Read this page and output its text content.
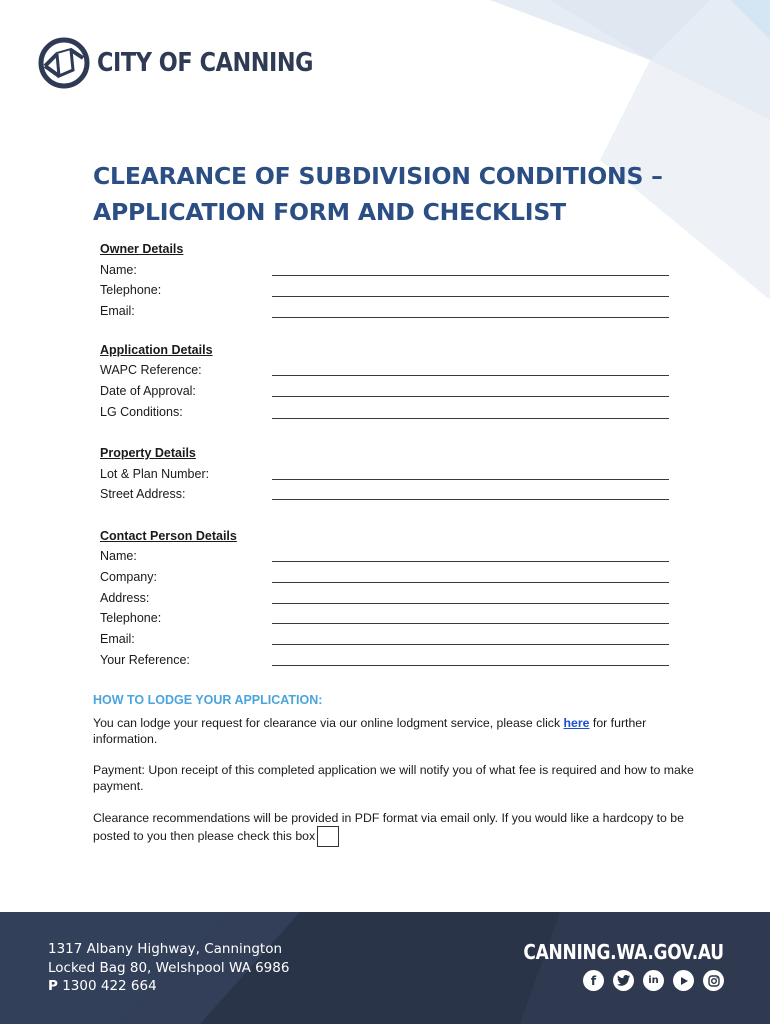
CITY OF CANNING
CLEARANCE OF SUBDIVISION CONDITIONS –
APPLICATION FORM AND CHECKLIST
Owner Details
Name:
Telephone:
Email:
Application Details
WAPC Reference:
Date of Approval:
LG Conditions:
Property Details
Lot & Plan Number:
Street Address:
Contact Person Details
Name:
Company:
Address:
Telephone:
Email:
Your Reference:
HOW TO LODGE YOUR APPLICATION:
You can lodge your request for clearance via our online lodgment service, please click here for further information.
Payment: Upon receipt of this completed application we will notify you of what fee is required and how to make payment.
Clearance recommendations will be provided in PDF format via email only. If you would like a hardcopy to be posted to you then please check this box
1317 Albany Highway, Cannington
Locked Bag 80, Welshpool WA 6986
P 1300 422 664
CANNING.WA.GOV.AU
f	in
